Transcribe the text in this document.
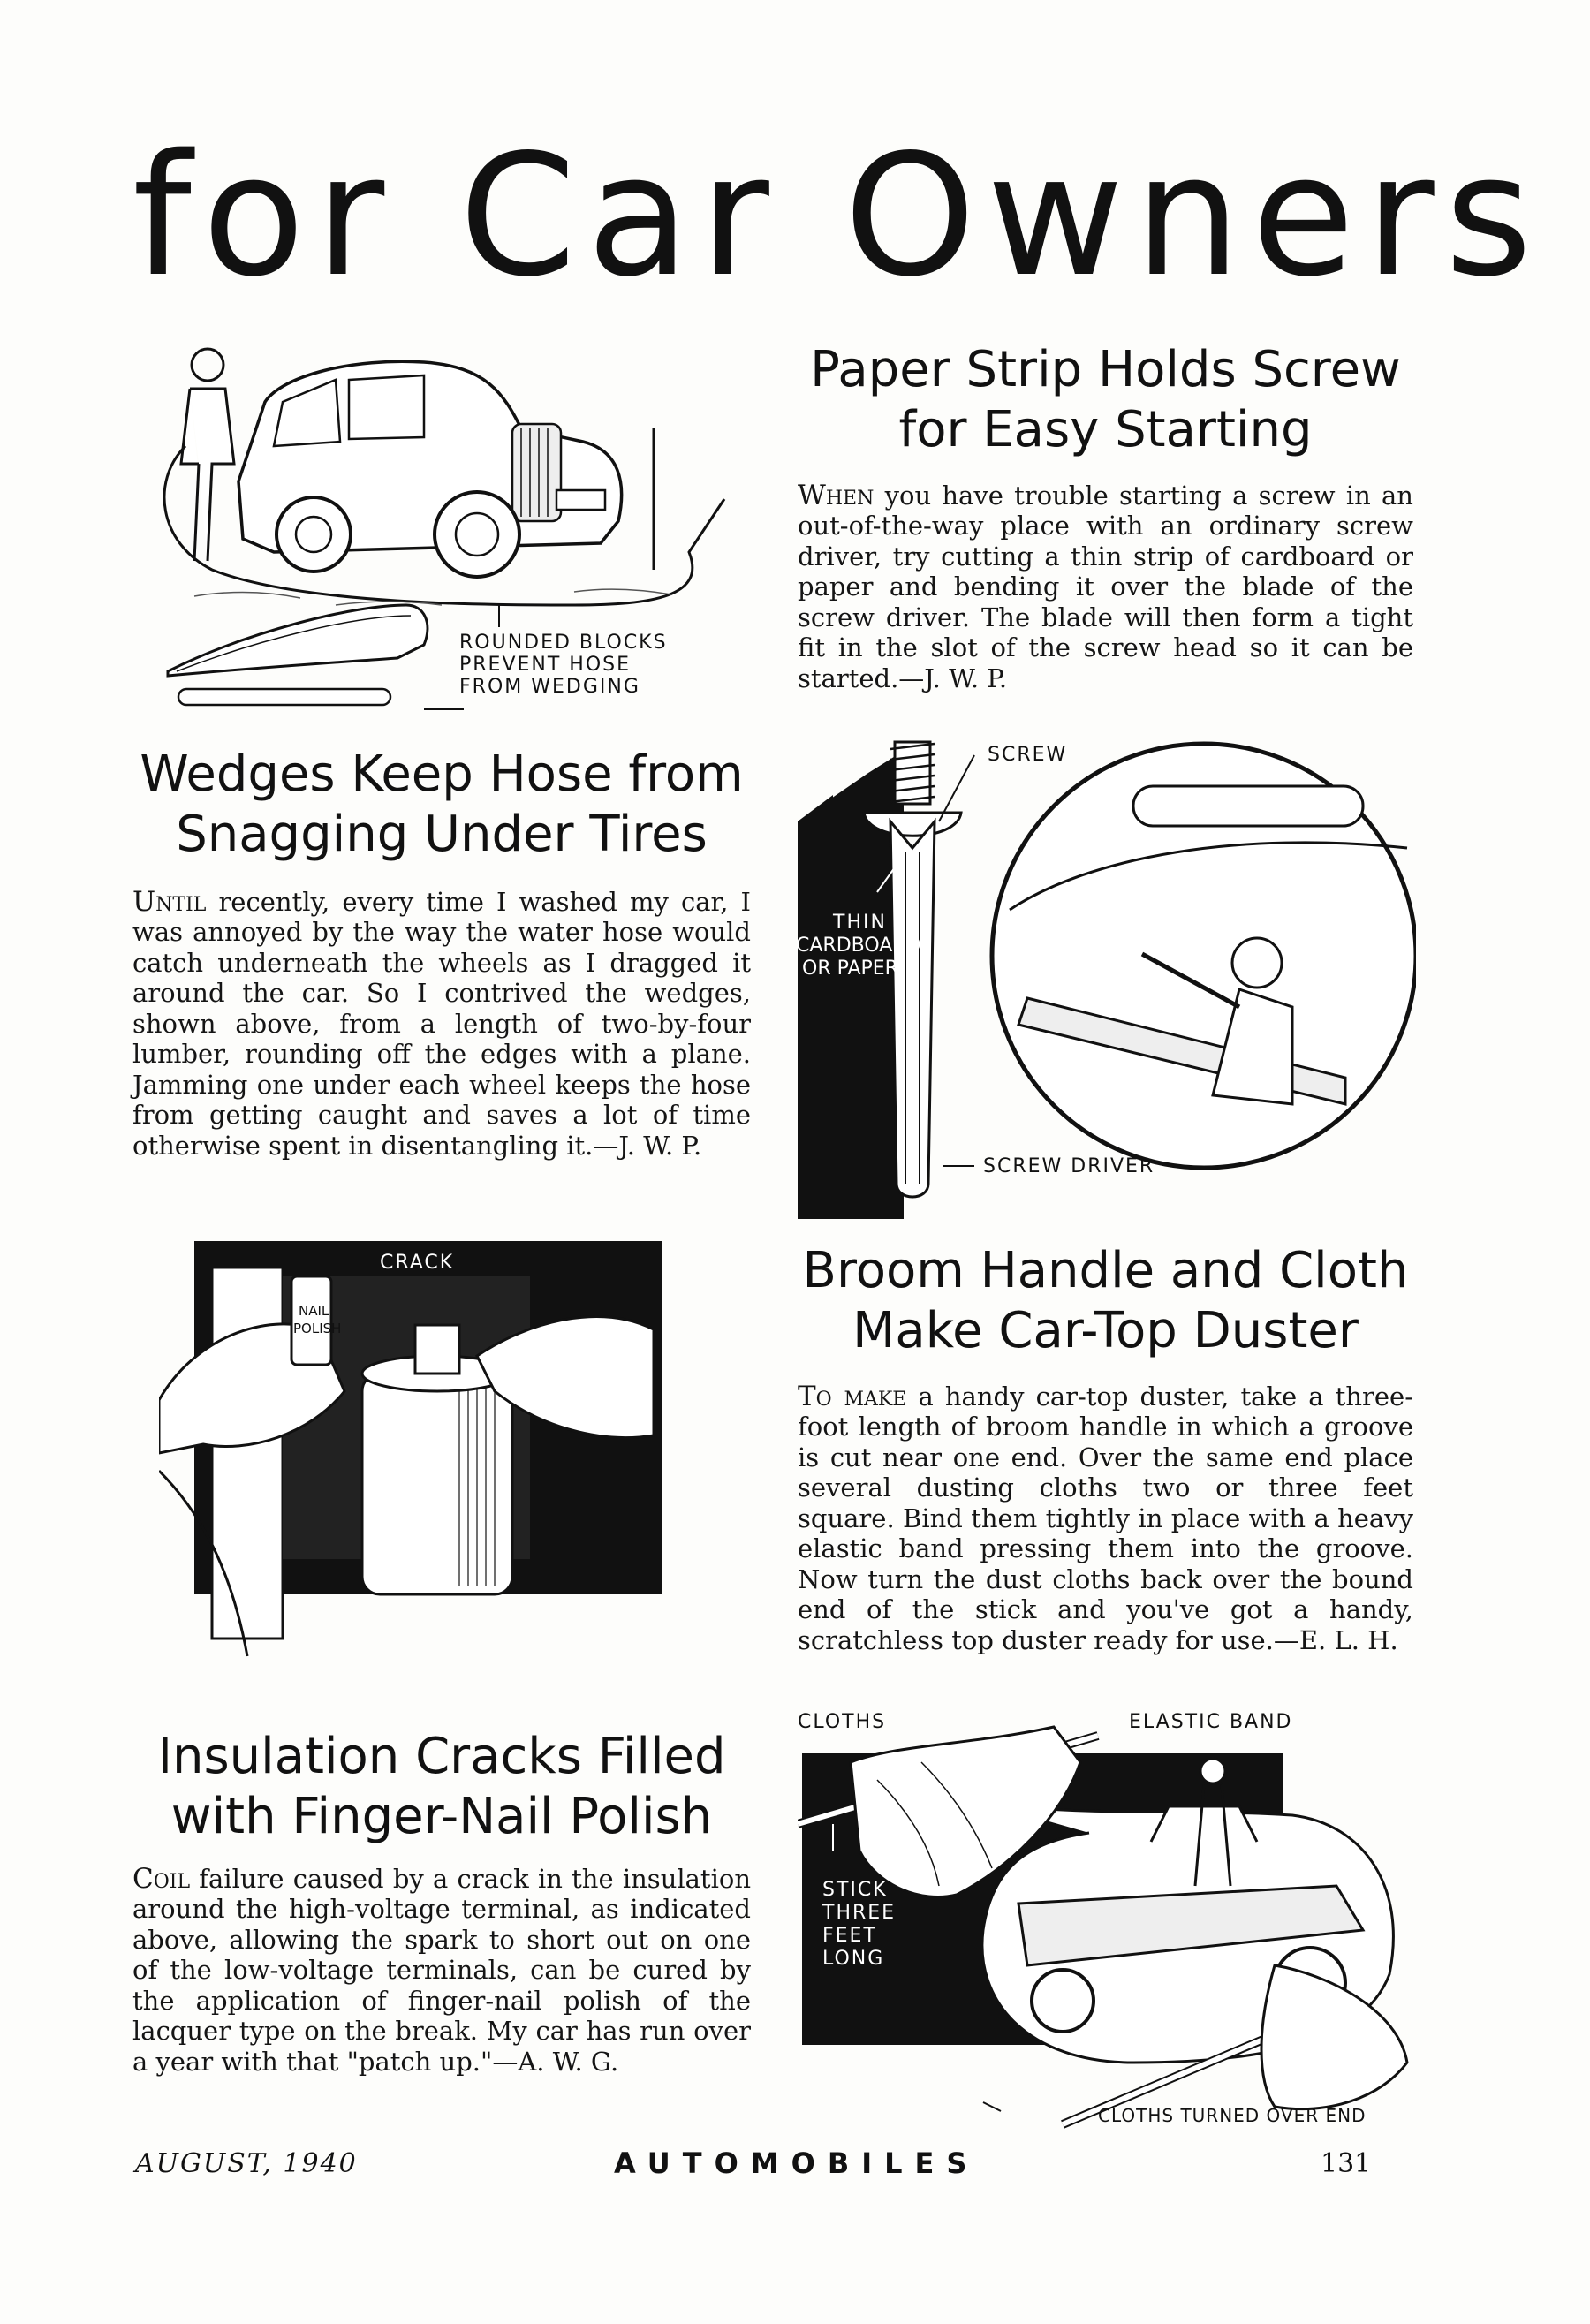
for Car Owners
ROUNDED BLOCKS
PREVENT HOSE
FROM WEDGING
Paper Strip Holds Screw
for Easy Starting

When you have trouble starting a screw in an out-of-the-way place with an ordinary screw driver, try cutting a thin strip of cardboard or paper and bending it over the blade of the screw driver. The blade will then form a tight fit in the slot of the screw head so it can be started.—J. W. P.

Wedges Keep Hose from
Snagging Under Tires

Until recently, every time I washed my car, I was annoyed by the way the water hose would catch underneath the wheels as I dragged it around the car. So I contrived the wedges, shown above, from a length of two-by-four lumber, rounding off the edges with a plane. Jamming one under each wheel keeps the hose from getting caught and saves a lot of time otherwise spent in disentangling it.—J. W. P.

SCREW
THIN
CARDBOARD
OR PAPER
SCREW DRIVER
CRACK
NAIL
POLISH
Broom Handle and Cloth
Make Car-Top Duster

To make a handy car-top duster, take a three-foot length of broom handle in which a groove is cut near one end. Over the same end place several dusting cloths two or three feet square. Bind them tightly in place with a heavy elastic band pressing them into the groove. Now turn the dust cloths back over the bound end of the stick and you've got a handy, scratchless top duster ready for use.—E. L. H.

Insulation Cracks Filled
with Finger-Nail Polish

Coil failure caused by a crack in the insulation around the high-voltage terminal, as indicated above, allowing the spark to short out on one of the low-voltage terminals, can be cured by the application of finger-nail polish of the lacquer type on the break. My car has run over a year with that "patch up."—A. W. G.

CLOTHS	ELASTIC BAND
STICK
THREE
FEET
LONG
CLOTHS TURNED OVER END
AUGUST, 1940	AUTOMOBILES	131
